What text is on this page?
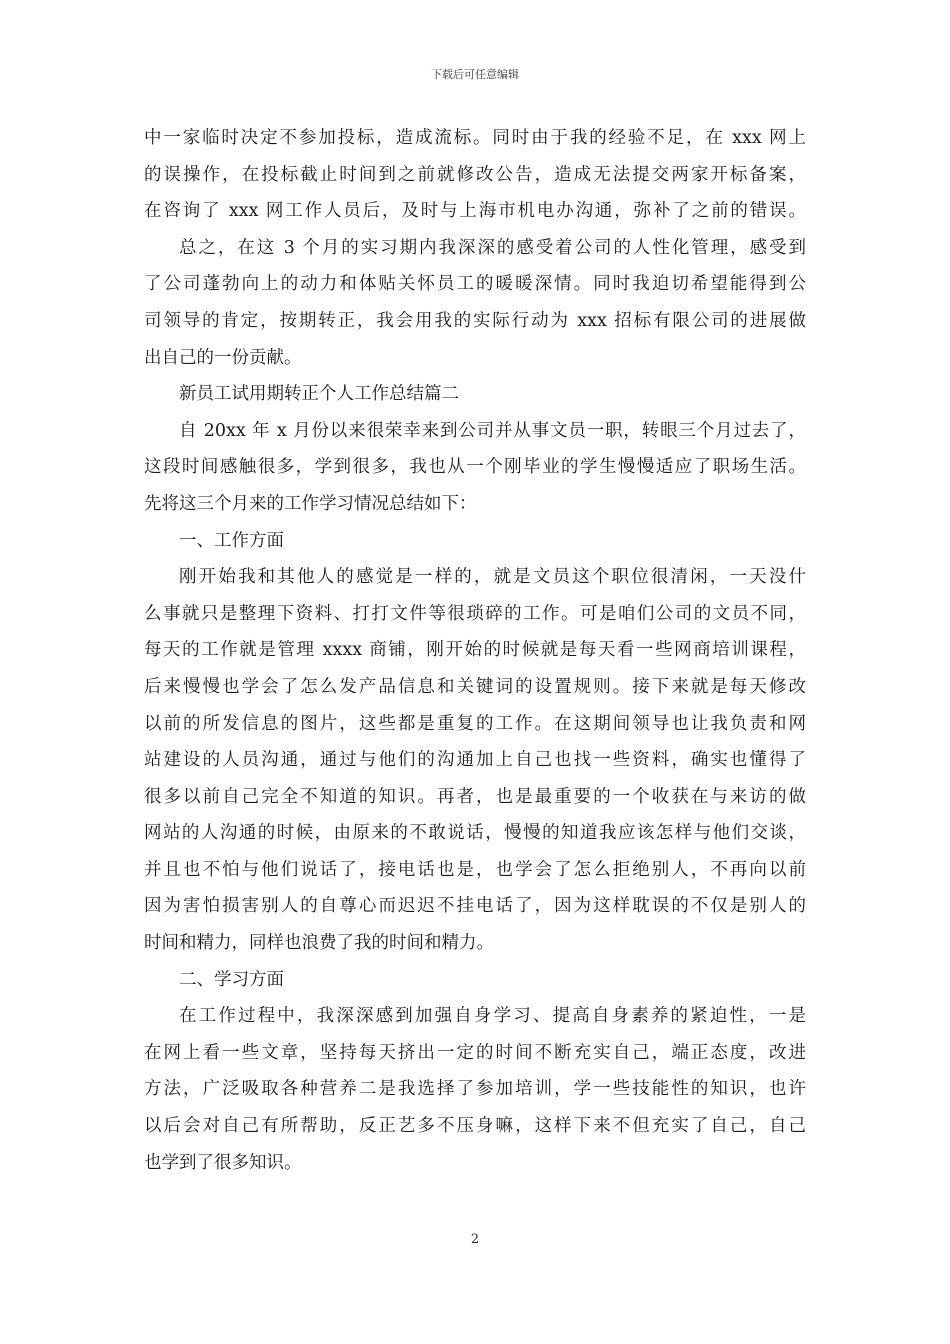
下载后可任意编辑
中一家临时决定不参加投标，造成流标。同时由于我的经验不足，在 xxx 网上
的误操作，在投标截止时间到之前就修改公告，造成无法提交两家开标备案，
在咨询了 xxx 网工作人员后，及时与上海市机电办沟通，弥补了之前的错误。
总之，在这 3 个月的实习期内我深深的感受着公司的人性化管理，感受到
了公司蓬勃向上的动力和体贴关怀员工的暖暖深情。同时我迫切希望能得到公
司领导的肯定，按期转正，我会用我的实际行动为 xxx 招标有限公司的进展做
出自己的一份贡献。
新员工试用期转正个人工作总结篇二
自 20xx 年 x 月份以来很荣幸来到公司并从事文员一职，转眼三个月过去了，
这段时间感触很多，学到很多，我也从一个刚毕业的学生慢慢适应了职场生活。
先将这三个月来的工作学习情况总结如下：
一、工作方面
刚开始我和其他人的感觉是一样的，就是文员这个职位很清闲，一天没什
么事就只是整理下资料、打打文件等很琐碎的工作。可是咱们公司的文员不同，
每天的工作就是管理 xxxx 商铺，刚开始的时候就是每天看一些网商培训课程，
后来慢慢也学会了怎么发产品信息和关键词的设置规则。接下来就是每天修改
以前的所发信息的图片，这些都是重复的工作。在这期间领导也让我负责和网
站建设的人员沟通，通过与他们的沟通加上自己也找一些资料，确实也懂得了
很多以前自己完全不知道的知识。再者，也是最重要的一个收获在与来访的做
网站的人沟通的时候，由原来的不敢说话，慢慢的知道我应该怎样与他们交谈，
并且也不怕与他们说话了，接电话也是，也学会了怎么拒绝别人，不再向以前
因为害怕损害别人的自尊心而迟迟不挂电话了，因为这样耽误的不仅是别人的
时间和精力，同样也浪费了我的时间和精力。
二、学习方面
在工作过程中，我深深感到加强自身学习、提高自身素养的紧迫性，一是
在网上看一些文章，坚持每天挤出一定的时间不断充实自己，端正态度，改进
方法，广泛吸取各种营养二是我选择了参加培训，学一些技能性的知识，也许
以后会对自己有所帮助，反正艺多不压身嘛，这样下来不但充实了自己，自己
也学到了很多知识。
2
